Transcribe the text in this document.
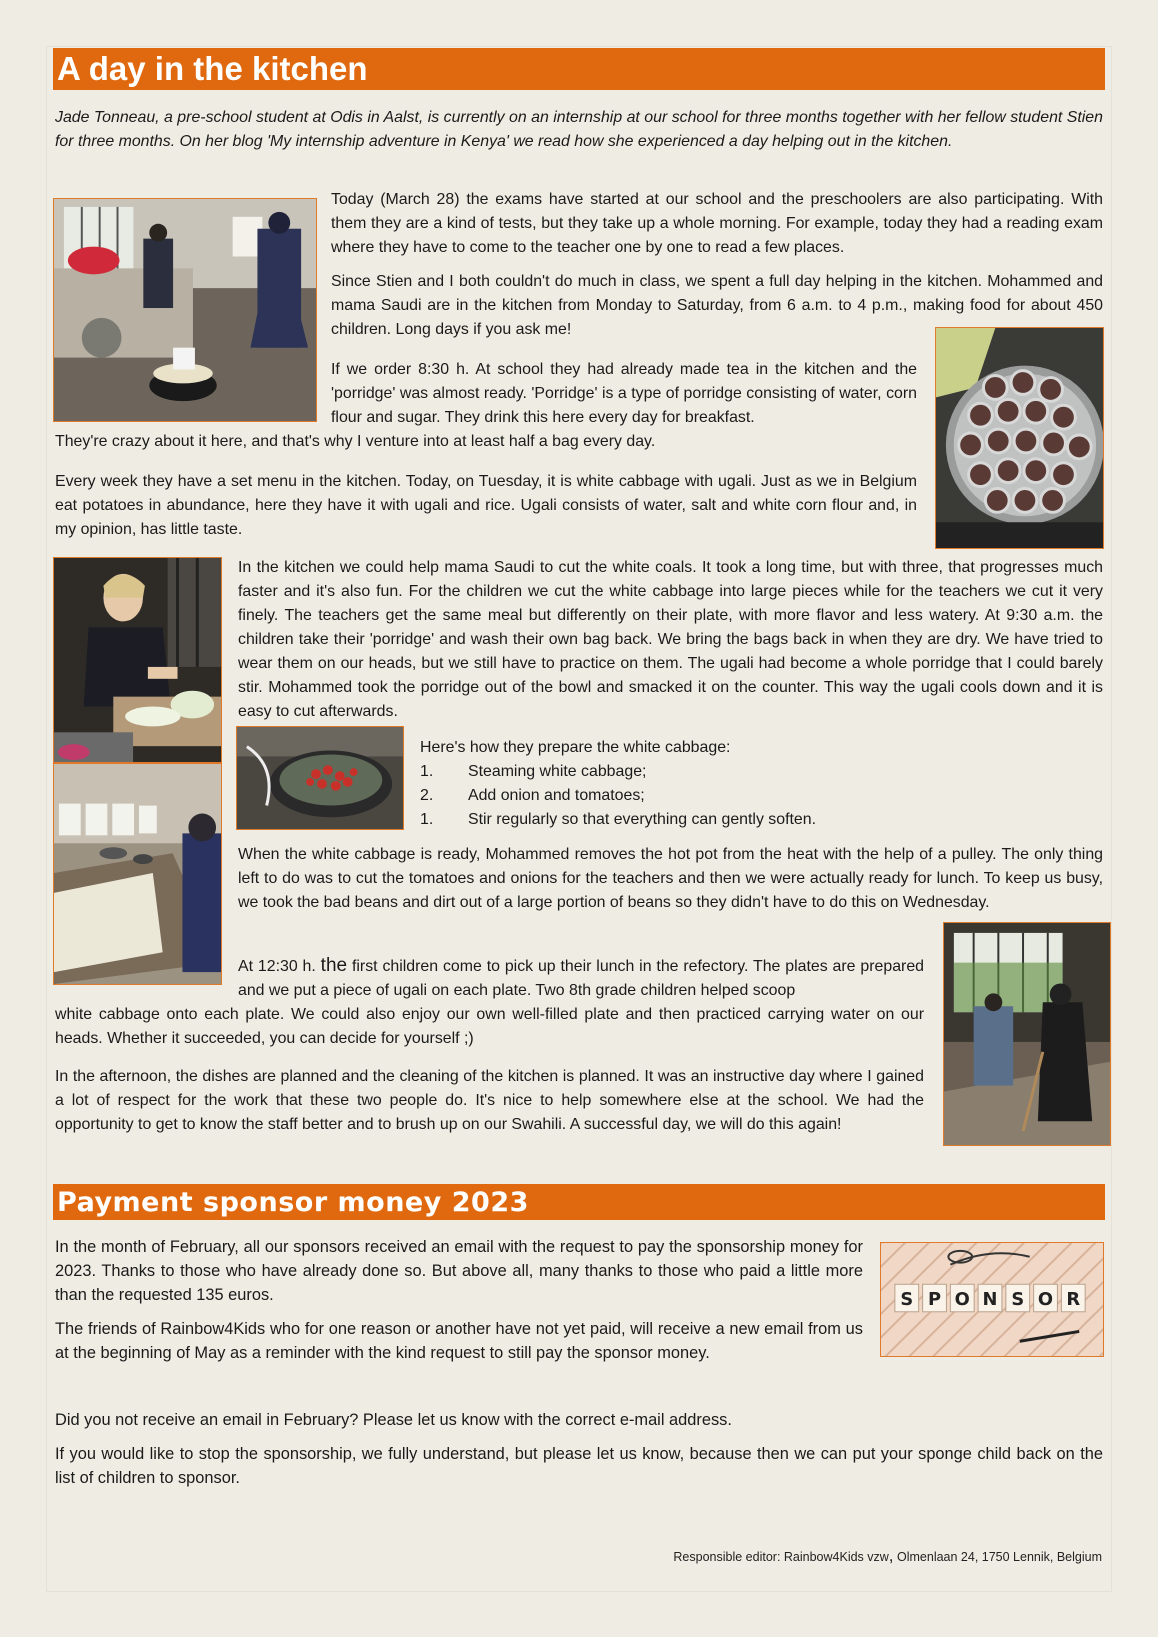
A day in the kitchen
Jade Tonneau, a pre-school student at Odis in Aalst, is currently on an internship at our school for three months together with her fellow student Stien for three months. On her blog 'My internship adventure in Kenya' we read how she experienced a day helping out in the kitchen.

Today (March 28) the exams have started at our school and the preschoolers are also participating. With them they are a kind of tests, but they take up a whole morning. For example, today they had a reading exam where they have to come to the teacher one by one to read a few places.

Since Stien and I both couldn't do much in class, we spent a full day helping in the kitchen. Mohammed and mama Saudi are in the kitchen from Monday to Saturday, from 6 a.m. to 4 p.m., making food for about 450 children. Long days if you ask me!

If we order 8:30 h. At school they had already made tea in the kitchen and the 'porridge' was almost ready. 'Porridge' is a type of porridge consisting of water, corn flour and sugar. They drink this here every day for breakfast.
They're crazy about it here, and that's why I venture into at least half a bag every day.
Every week they have a set menu in the kitchen. Today, on Tuesday, it is white cabbage with ugali. Just as we in Belgium eat potatoes in abundance, here they have it with ugali and rice. Ugali consists of water, salt and white corn flour and, in my opinion, has little taste.
In the kitchen we could help mama Saudi to cut the white coals. It took a long time, but with three, that progresses much faster and it's also fun. For the children we cut the white cabbage into large pieces while for the teachers we cut it very finely. The teachers get the same meal but differently on their plate, with more flavor and less watery. At 9:30 a.m. the children take their 'porridge' and wash their own bag back. We bring the bags back in when they are dry. We have tried to wear them on our heads, but we still have to practice on them. The ugali had become a whole porridge that I could barely stir. Mohammed took the porridge out of the bowl and smacked it on the counter. This way the ugali cools down and it is easy to cut afterwards.
Here's how they prepare the white cabbage:
1.	Steaming white cabbage;
2.	Add onion and tomatoes;
1.	Stir regularly so that everything can gently soften.
When the white cabbage is ready, Mohammed removes the hot pot from the heat with the help of a pulley. The only thing left to do was to cut the tomatoes and onions for the teachers and then we were actually ready for lunch. To keep us busy, we took the bad beans and dirt out of a large portion of beans so they didn't have to do this on Wednesday.
At 12:30 h. the first children come to pick up their lunch in the refectory. The plates are prepared and we put a piece of ugali on each plate. Two 8th grade children helped scoop
white cabbage onto each plate. We could also enjoy our own well-filled plate and then practiced carrying water on our heads. Whether it succeeded, you can decide for yourself ;)
In the afternoon, the dishes are planned and the cleaning of the kitchen is planned. It was an instructive day where I gained a lot of respect for the work that these two people do. It's nice to help somewhere else at the school. We had the opportunity to get to know the staff better and to brush up on our Swahili. A successful day, we will do this again!
Payment sponsor money 2023
S P O N S O R

In the month of February, all our sponsors received an email with the request to pay the sponsorship money for 2023. Thanks to those who have already done so. But above all, many thanks to those who paid a little more than the requested 135 euros.

The friends of Rainbow4Kids who for one reason or another have not yet paid, will receive a new email from us at the beginning of May as a reminder with the kind request to still pay the sponsor money.

Did you not receive an email in February? Please let us know with the correct e-mail address.

If you would like to stop the sponsorship, we fully understand, but please let us know, because then we can put your sponge child back on the list of children to sponsor.

Responsible editor: Rainbow4Kids vzw, Olmenlaan 24, 1750 Lennik, Belgium
